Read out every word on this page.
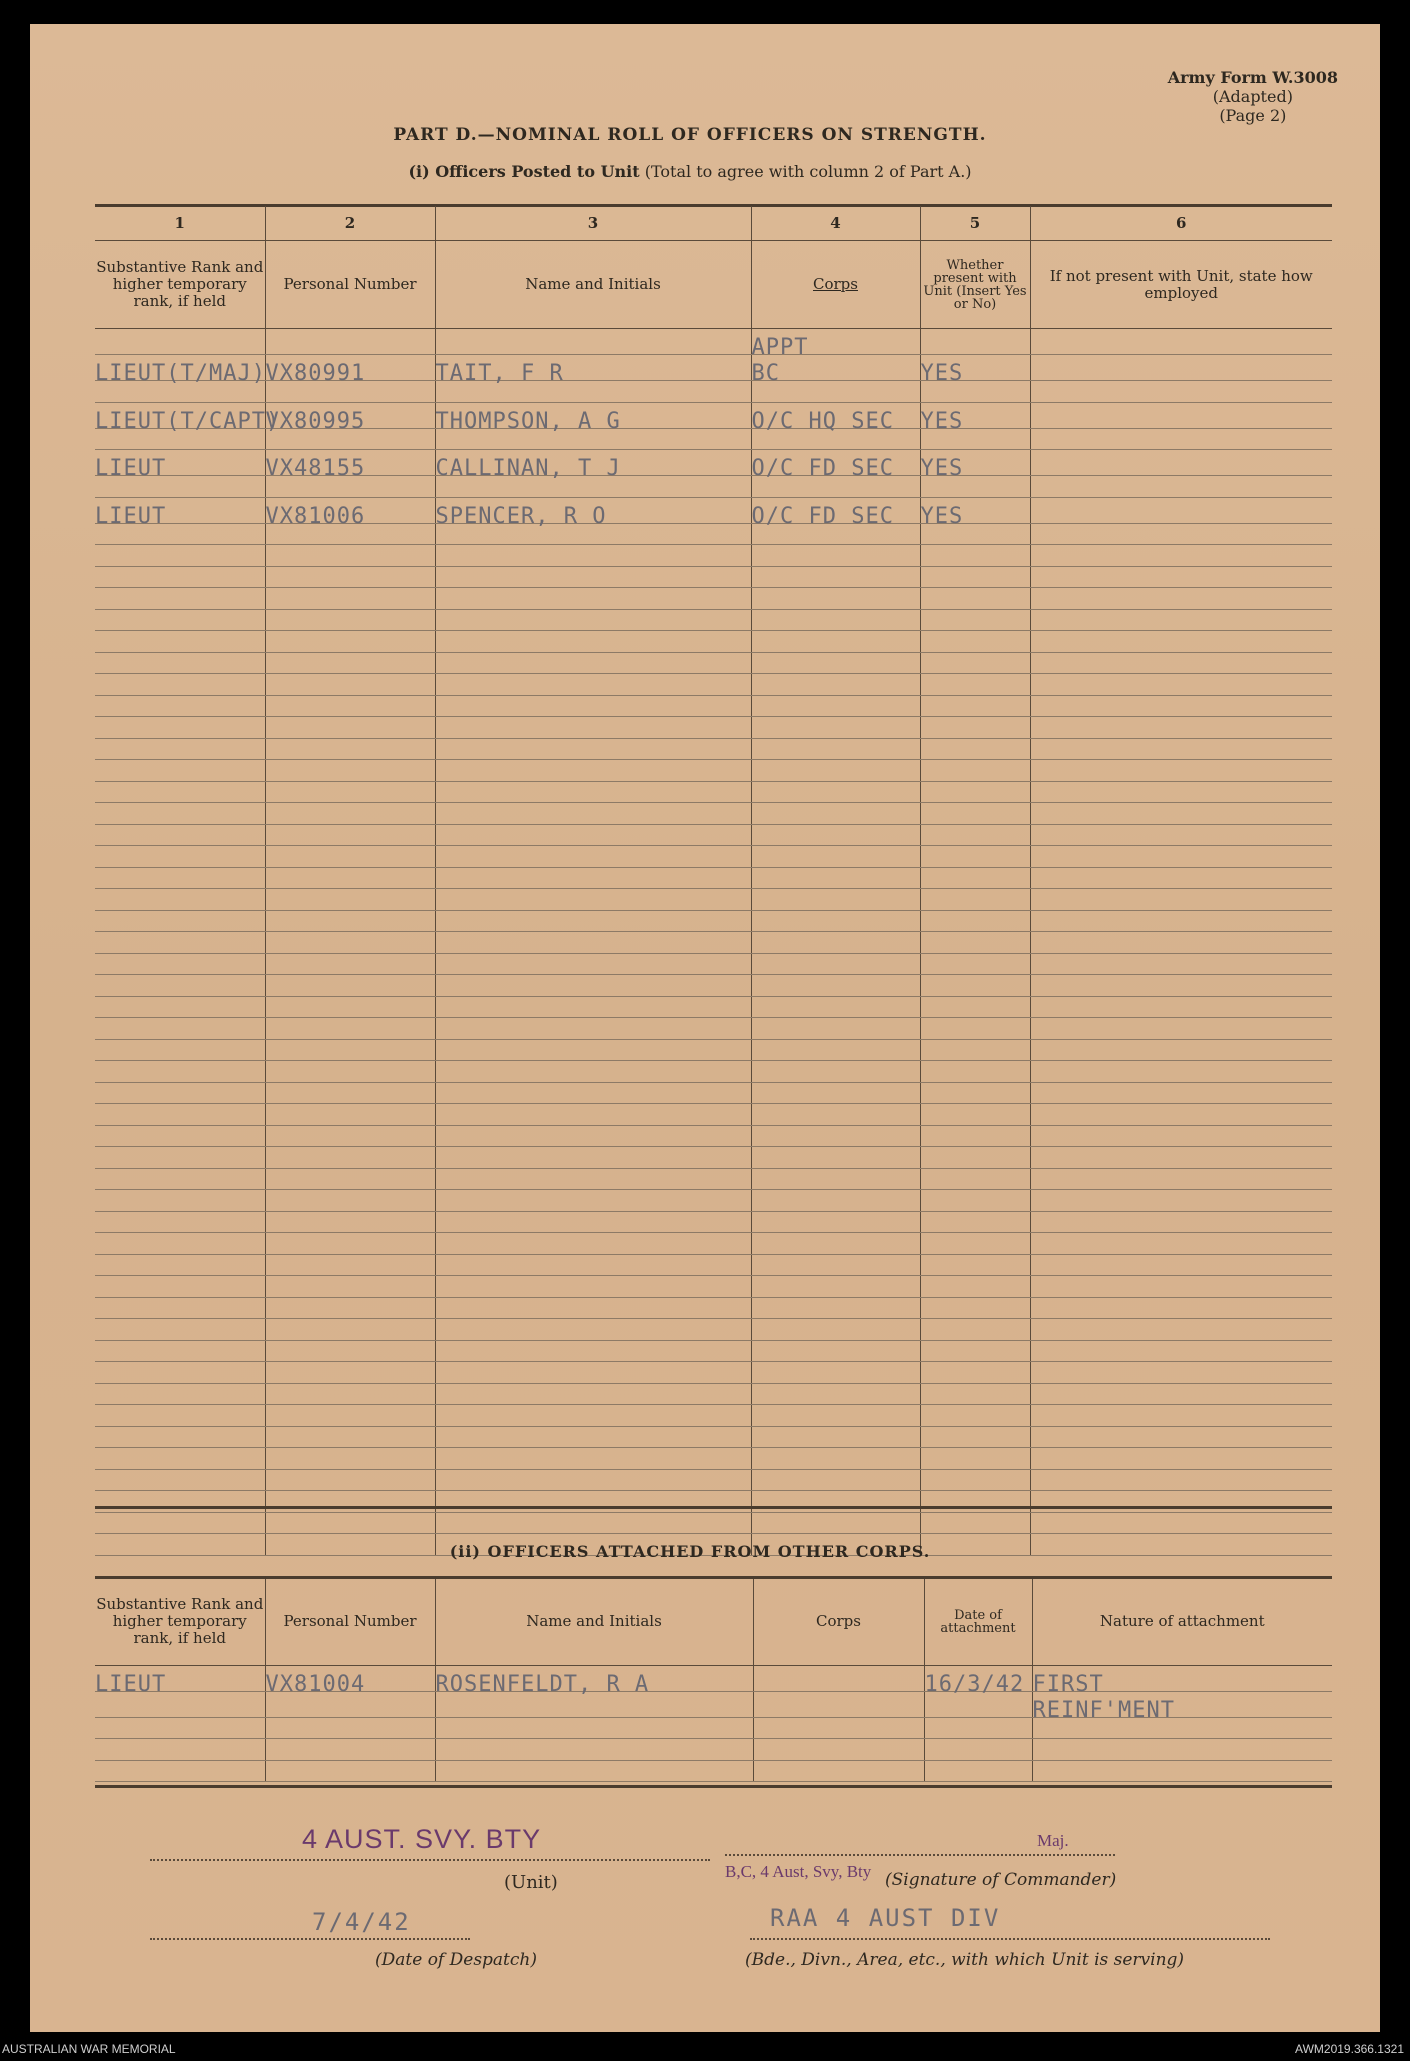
Army Form W.3008
(Adapted)
(Page 2)
PART D.—NOMINAL ROLL OF OFFICERS ON STRENGTH.
(i) Officers Posted to Unit (Total to agree with column 2 of Part A.)
1	2	3	4	5	6
Substantive Rank and higher temporary rank, if held	Personal Number	Name and Initials	Corps	Whether present with Unit (Insert Yes or No)	If not present with Unit, state how employed
			APPT		
LIEUT(T/MAJ)	VX80991	TAIT, F R	BC	YES	

LIEUT(T/CAPT)	VX80995	THOMPSON, A G	O/C HQ SEC	YES	

LIEUT	VX48155	CALLINAN, T J	O/C FD SEC	YES	

LIEUT	VX81006	SPENCER, R O	O/C FD SEC	YES	

(ii) OFFICERS ATTACHED FROM OTHER CORPS.
Substantive Rank and higher temporary rank, if held	Personal Number	Name and Initials	Corps	Date of attachment	Nature of attachment
LIEUT	VX81004	ROSENFELDT, R A		16/3/42	FIRST
					REINF'MENT

4 AUST. SVY. BTY
(Unit)
Maj.
B,C, 4 Aust, Svy, Bty (Signature of Commander)
7/4/42
(Date of Despatch)
RAA 4 AUST DIV
(Bde., Divn., Area, etc., with which Unit is serving)
AUSTRALIAN WAR MEMORIAL	AWM2019.366.1321
